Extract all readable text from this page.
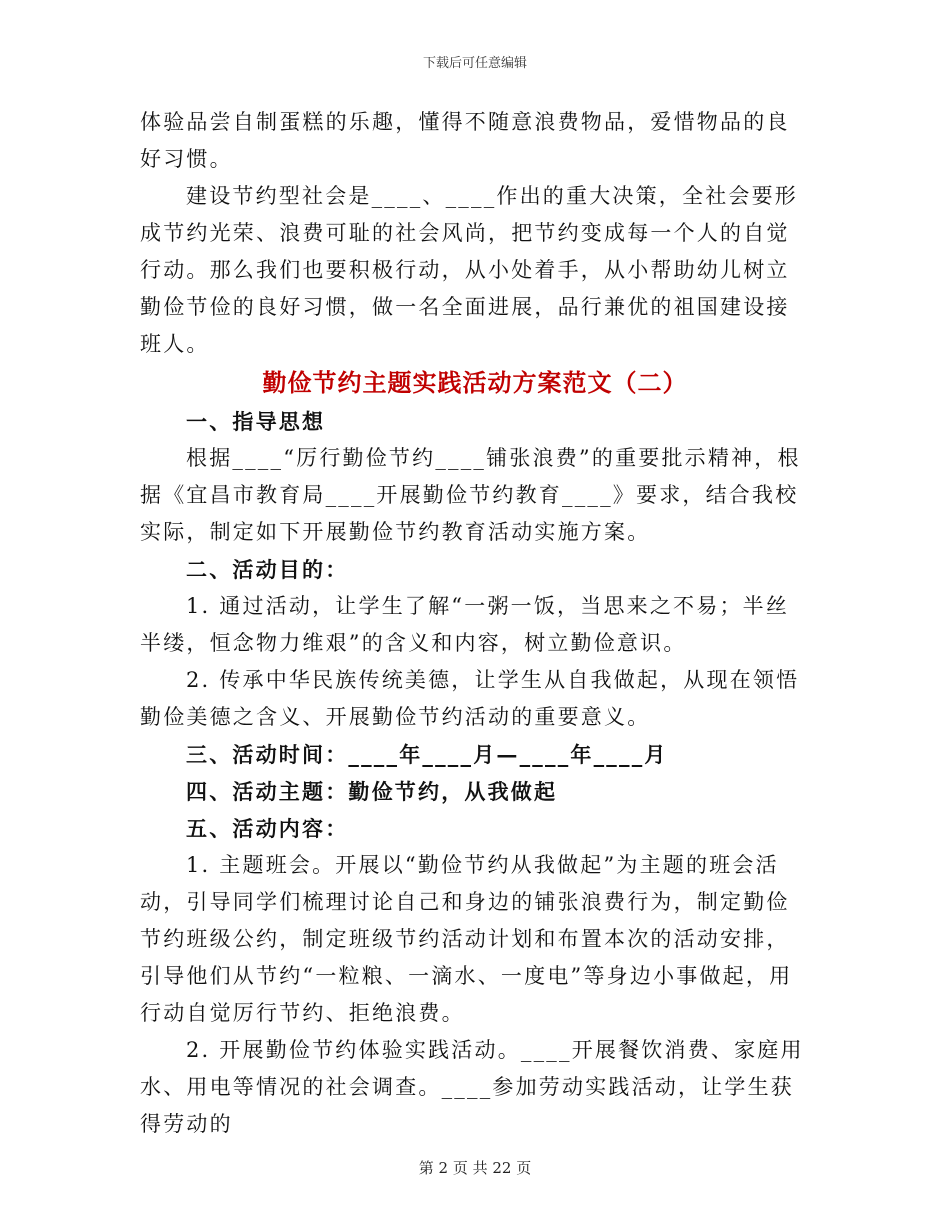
下载后可任意编辑

体验品尝自制蛋糕的乐趣，懂得不随意浪费物品，爱惜物品的良好习惯。

建设节约型社会是____、____作出的重大决策，全社会要形成节约光荣、浪费可耻的社会风尚，把节约变成每一个人的自觉行动。那么我们也要积极行动，从小处着手，从小帮助幼儿树立勤俭节俭的良好习惯，做一名全面进展，品行兼优的祖国建设接班人。

勤俭节约主题实践活动方案范文（二）

一、指导思想

根据____“厉行勤俭节约____铺张浪费”的重要批示精神，根据《宜昌市教育局____开展勤俭节约教育____》要求，结合我校实际，制定如下开展勤俭节约教育活动实施方案。

二、活动目的：

1. 通过活动，让学生了解“一粥一饭，当思来之不易；半丝半缕，恒念物力维艰”的含义和内容，树立勤俭意识。

2. 传承中华民族传统美德，让学生从自我做起，从现在领悟勤俭美德之含义、开展勤俭节约活动的重要意义。

三、活动时间：____年____月—____年____月

四、活动主题：勤俭节约，从我做起

五、活动内容：

1. 主题班会。开展以“勤俭节约从我做起”为主题的班会活动，引导同学们梳理讨论自己和身边的铺张浪费行为，制定勤俭节约班级公约，制定班级节约活动计划和布置本次的活动安排，引导他们从节约“一粒粮、一滴水、一度电”等身边小事做起，用行动自觉厉行节约、拒绝浪费。

2. 开展勤俭节约体验实践活动。____开展餐饮消费、家庭用水、用电等情况的社会调查。____参加劳动实践活动，让学生获得劳动的

第 2 页 共 22 页
